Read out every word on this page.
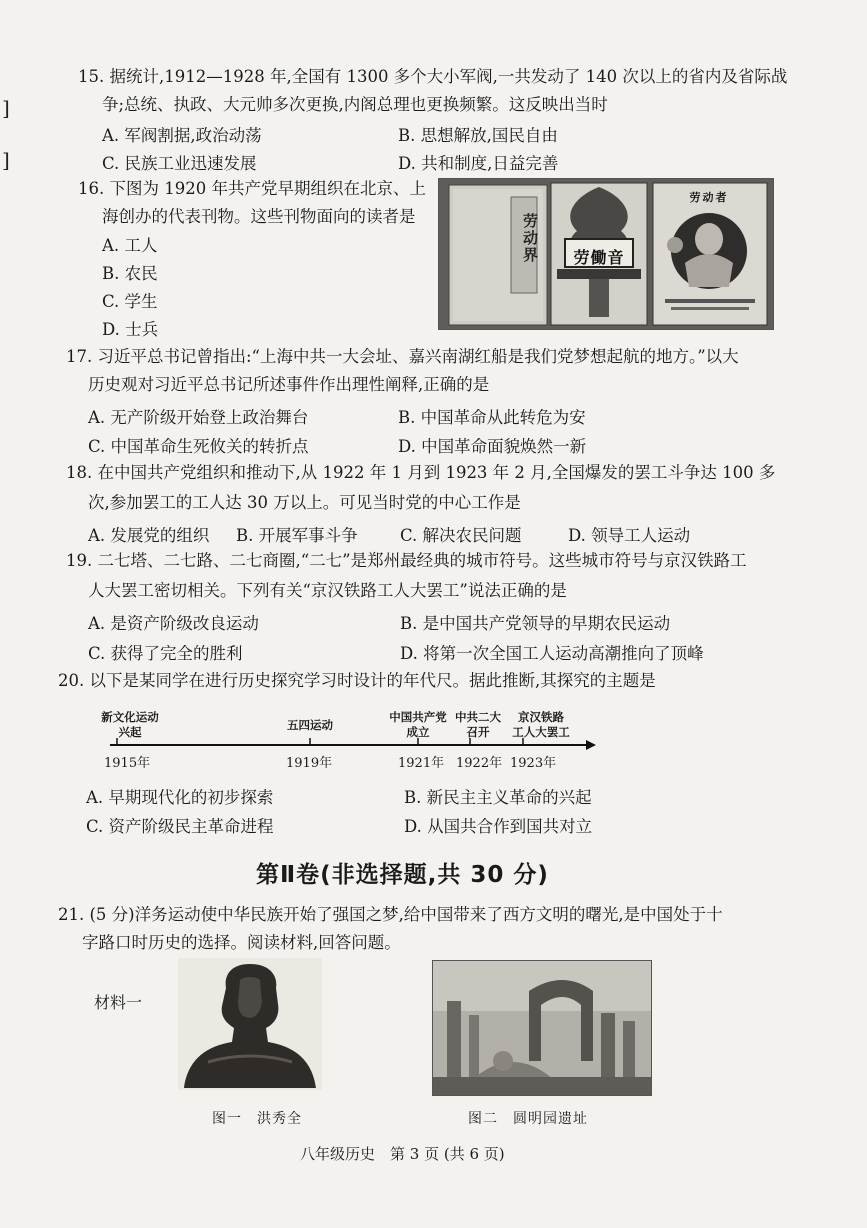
]
]
15. 据统计,1912—1928 年,全国有 1300 多个大小军阀,一共发动了 140 次以上的省内及省际战
争;总统、执政、大元帅多次更换,内阁总理也更换频繁。这反映出当时
A. 军阀割据,政治动荡	B. 思想解放,国民自由
C. 民族工业迅速发展	D. 共和制度,日益完善
16. 下图为 1920 年共产党早期组织在北京、上
海创办的代表刊物。这些刊物面向的读者是
A. 工人
B. 农民
C. 学生
D. 士兵
劳动界 劳働音
劳动者
17. 习近平总书记曾指出:“上海中共一大会址、嘉兴南湖红船是我们党梦想起航的地方。”以大
历史观对习近平总书记所述事件作出理性阐释,正确的是
A. 无产阶级开始登上政治舞台	B. 中国革命从此转危为安
C. 中国革命生死攸关的转折点	D. 中国革命面貌焕然一新
18. 在中国共产党组织和推动下,从 1922 年 1 月到 1923 年 2 月,全国爆发的罢工斗争达 100 多
次,参加罢工的工人达 30 万以上。可见当时党的中心工作是
A. 发展党的组织 B. 开展军事斗争	C. 解决农民问题	D. 领导工人运动
19. 二七塔、二七路、二七商圈,“二七”是郑州最经典的城市符号。这些城市符号与京汉铁路工
人大罢工密切相关。下列有关“京汉铁路工人大罢工”说法正确的是
A. 是资产阶级改良运动	B. 是中国共产党领导的早期农民运动
C. 获得了完全的胜利	D. 将第一次全国工人运动高潮推向了顶峰
20. 以下是某同学在进行历史探究学习时设计的年代尺。据此推断,其探究的主题是
新文化运动
兴起	五四运动
中国共产党
成立
中共二大
召开
京汉铁路
工人大罢工
1915年	1919年	1921年 1922年 1923年
A. 早期现代化的初步探索	B. 新民主主义革命的兴起
C. 资产阶级民主革命进程	D. 从国共合作到国共对立
第Ⅱ卷(非选择题,共 30 分)
21. (5 分)洋务运动使中华民族开始了强国之梦,给中国带来了西方文明的曙光,是中国处于十
字路口时历史的选择。阅读材料,回答问题。
材料一
图一　洪秀全	图二　圆明园遗址
八年级历史　第 3 页 (共 6 页)
